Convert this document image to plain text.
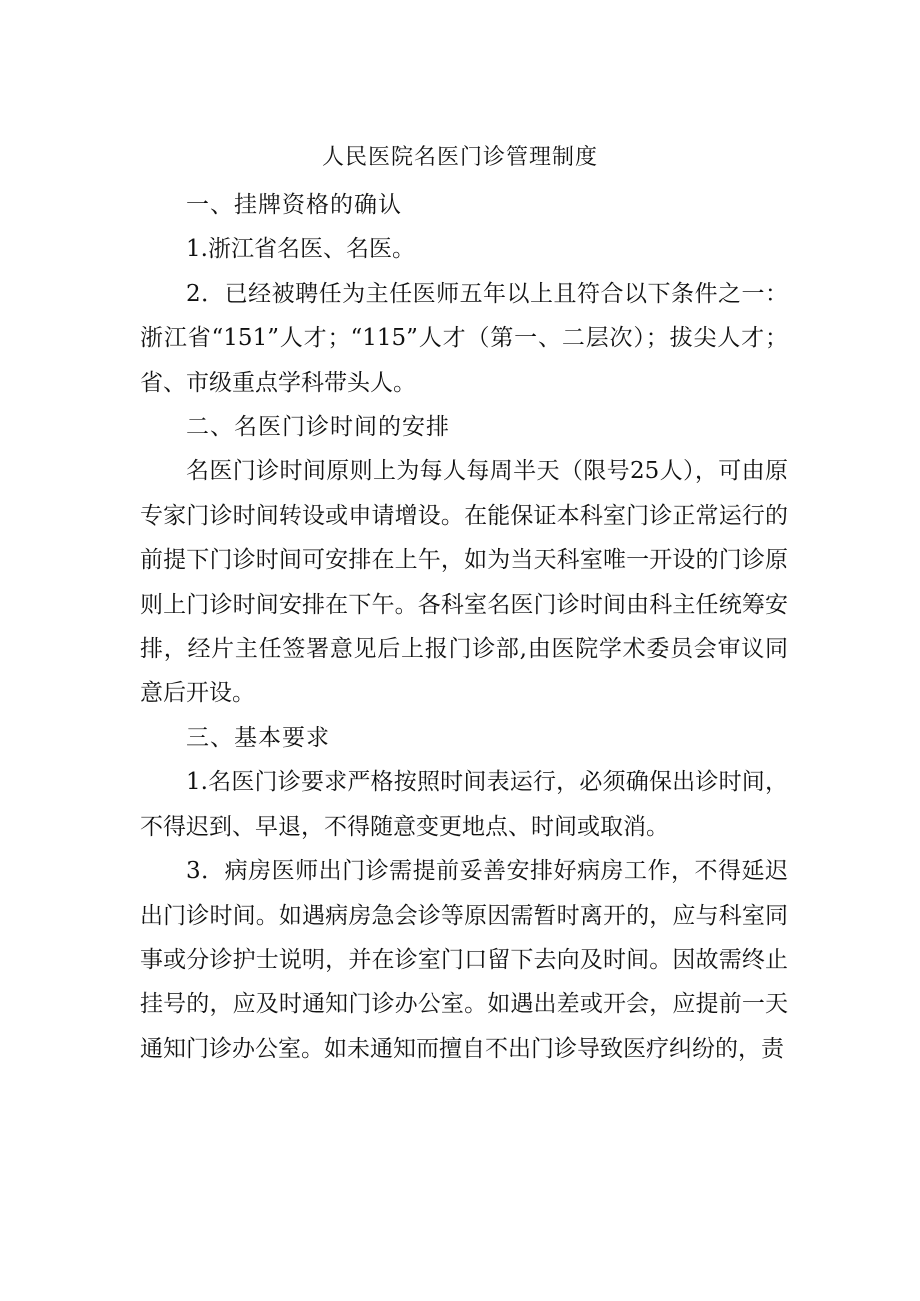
人民医院名医门诊管理制度

一、挂牌资格的确认

1.浙江省名医、名医。

2．已经被聘任为主任医师五年以上且符合以下条件之一：浙江省“151”人才；“115”人才（第一、二层次）；拔尖人才；省、市级重点学科带头人。

二、名医门诊时间的安排

名医门诊时间原则上为每人每周半天（限号25人），可由原专家门诊时间转设或申请增设。在能保证本科室门诊正常运行的前提下门诊时间可安排在上午，如为当天科室唯一开设的门诊原则上门诊时间安排在下午。各科室名医门诊时间由科主任统筹安排，经片主任签署意见后上报门诊部,由医院学术委员会审议同意后开设。

三、基本要求

1.名医门诊要求严格按照时间表运行，必须确保出诊时间，不得迟到、早退，不得随意变更地点、时间或取消。

3．病房医师出门诊需提前妥善安排好病房工作，不得延迟出门诊时间。如遇病房急会诊等原因需暂时离开的，应与科室同事或分诊护士说明，并在诊室门口留下去向及时间。因故需终止挂号的，应及时通知门诊办公室。如遇出差或开会，应提前一天通知门诊办公室。如未通知而擅自不出门诊导致医疗纠纷的，责
